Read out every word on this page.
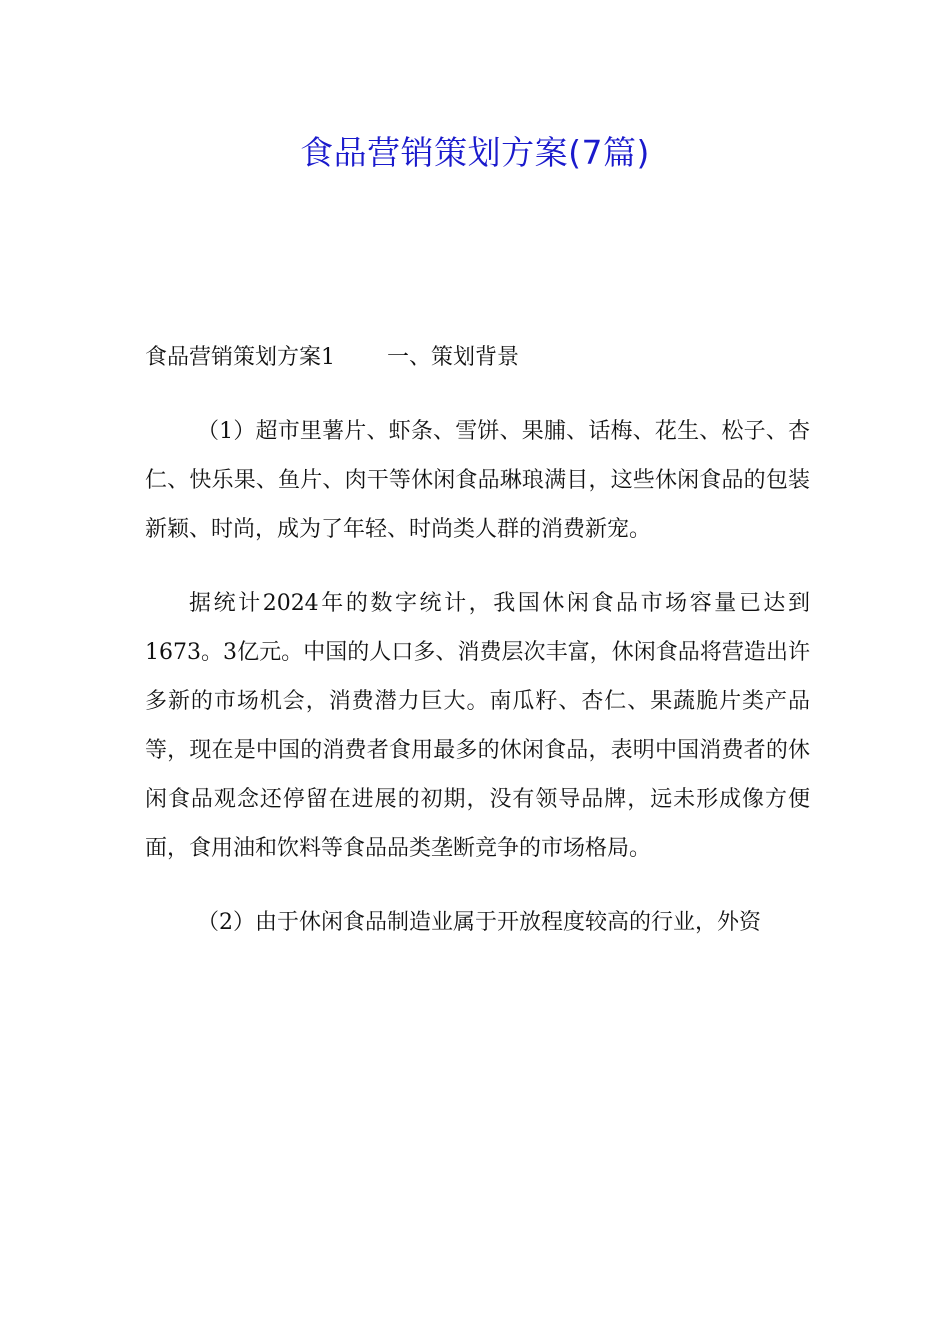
食品营销策划方案(7篇)

食品营销策划方案1 一、策划背景

（1）超市里薯片、虾条、雪饼、果脯、话梅、花生、松子、杏仁、快乐果、鱼片、肉干等休闲食品琳琅满目，这些休闲食品的包装新颖、时尚，成为了年轻、时尚类人群的消费新宠。

据统计2024年的数字统计，我国休闲食品市场容量已达到1673。3亿元。中国的人口多、消费层次丰富，休闲食品将营造出许多新的市场机会，消费潜力巨大。南瓜籽、杏仁、果蔬脆片类产品等，现在是中国的消费者食用最多的休闲食品，表明中国消费者的休闲食品观念还停留在进展的初期，没有领导品牌，远未形成像方便面，食用油和饮料等食品品类垄断竞争的市场格局。

（2）由于休闲食品制造业属于开放程度较高的行业，外资
